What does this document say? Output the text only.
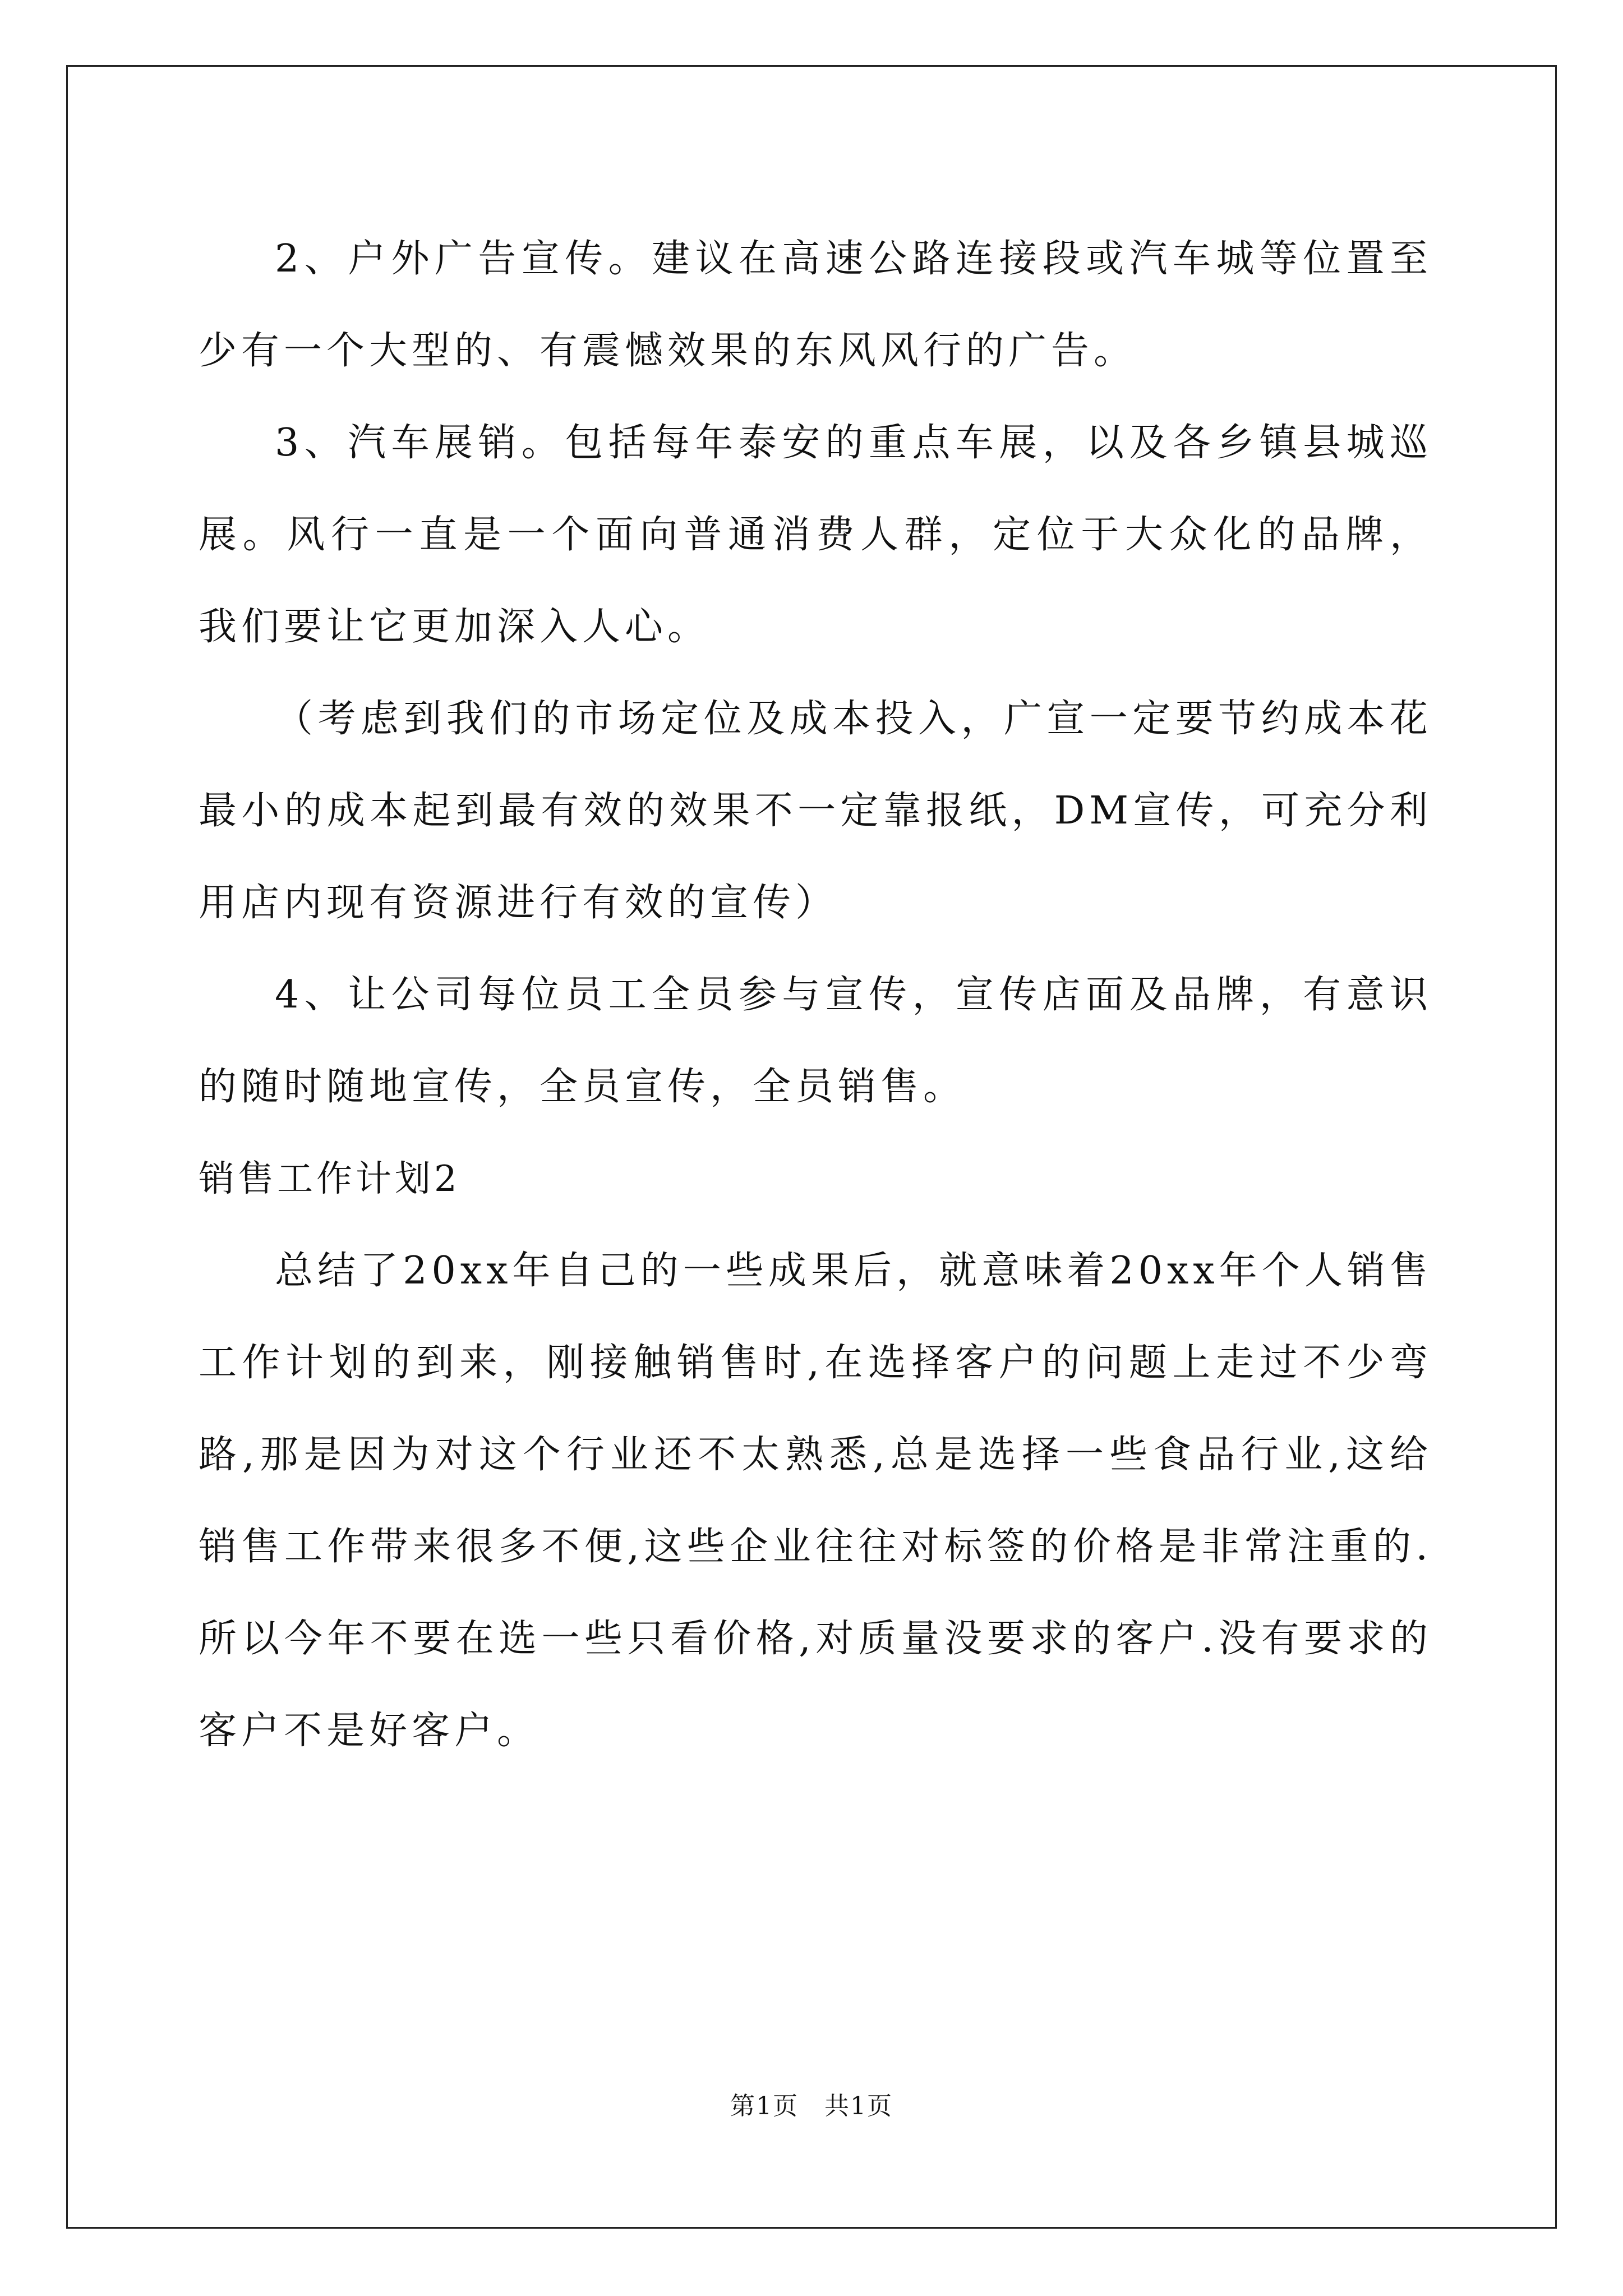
2、户外广告宣传。建议在高速公路连接段或汽车城等位置至少有一个大型的、有震憾效果的东风风行的广告。

3、汽车展销。包括每年泰安的重点车展，以及各乡镇县城巡展。风行一直是一个面向普通消费人群，定位于大众化的品牌，我们要让它更加深入人心。

（考虑到我们的市场定位及成本投入，广宣一定要节约成本花最小的成本起到最有效的效果不一定靠报纸，DM宣传，可充分利用店内现有资源进行有效的宣传）

4、让公司每位员工全员参与宣传，宣传店面及品牌，有意识的随时随地宣传，全员宣传，全员销售。

销售工作计划2

总结了20xx年自己的一些成果后，就意味着20xx年个人销售工作计划的到来，刚接触销售时,在选择客户的问题上走过不少弯路,那是因为对这个行业还不太熟悉,总是选择一些食品行业,这给销售工作带来很多不便,这些企业往往对标签的价格是非常注重的.所以今年不要在选一些只看价格,对质量没要求的客户.没有要求的客户不是好客户。

第1页　共1页
